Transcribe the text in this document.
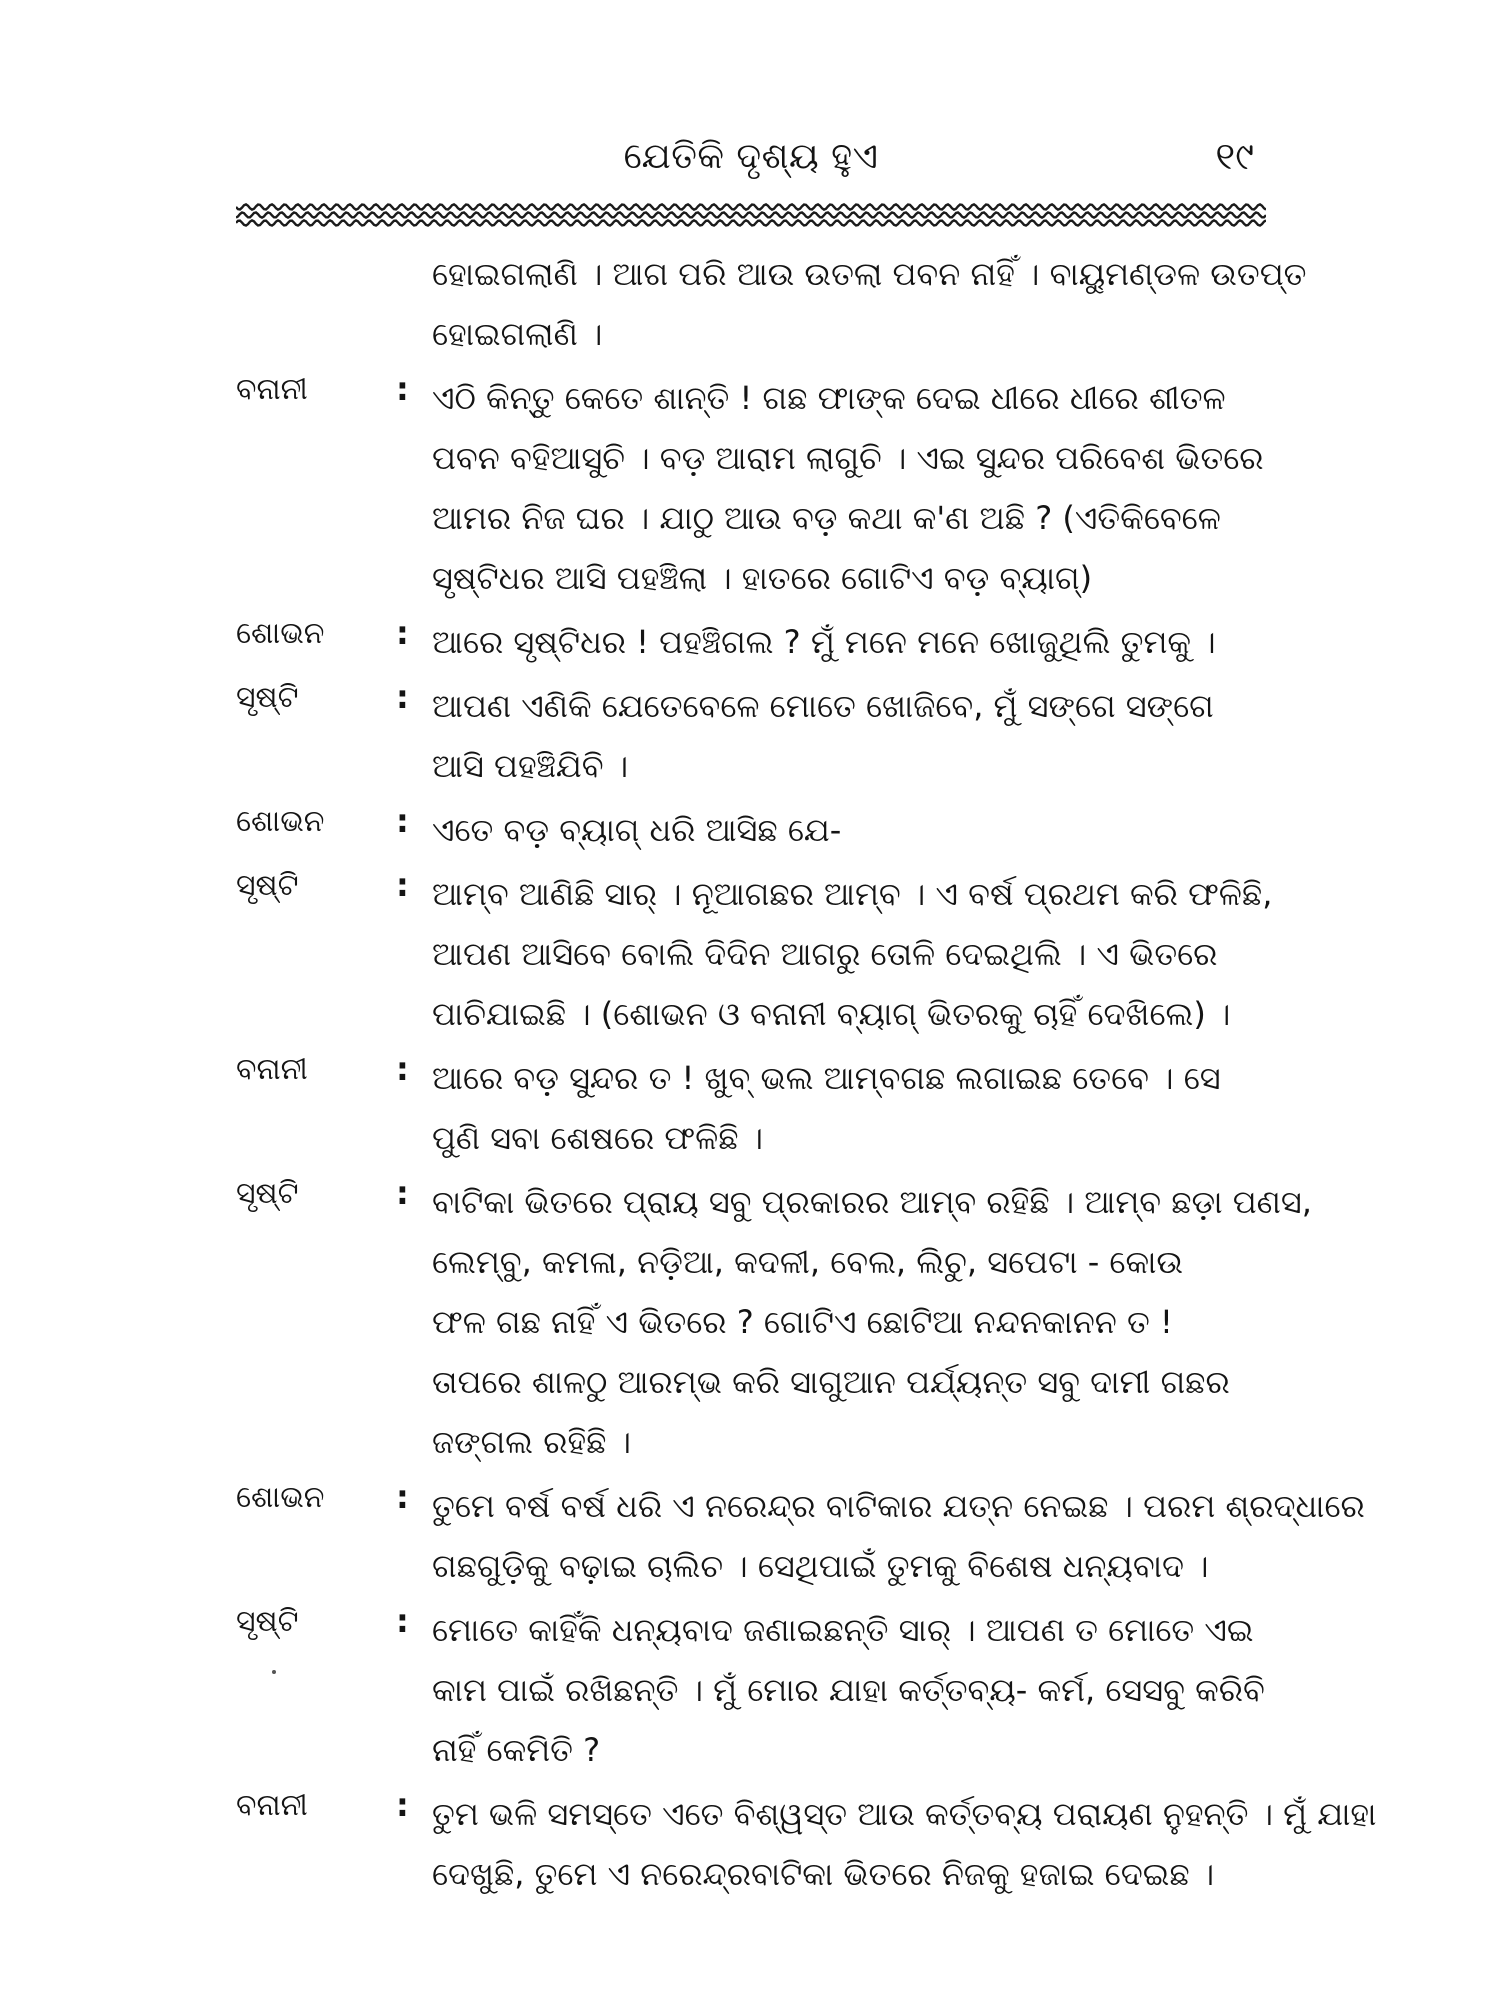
ଯେତିକି ଦୃଶ୍ୟ ହୁଏ	୧୯
ହୋଇଗଲାଣି । ଆଗ ପରି ଆଉ ଉତଲା ପବନ ନାହିଁ । ବାୟୁମଣ୍ଡଳ ଉତପ୍ତ
ହୋଇଗଲାଣି ।
ବନାନୀ	: ଏଠି କିନ୍ତୁ କେତେ ଶାନ୍ତି ! ଗଛ ଫାଙ୍କ ଦେଇ ଧୀରେ ଧୀରେ ଶୀତଳ
ପବନ ବହିଆସୁଚି । ବଡ଼ ଆରାମ ଲାଗୁଚି । ଏଇ ସୁନ୍ଦର ପରିବେଶ ଭିତରେ
ଆମର ନିଜ ଘର । ଯାଠୁ ଆଉ ବଡ଼ କଥା କ'ଣ ଅଛି ? (ଏତିକିବେଳେ
ସୃଷ୍ଟିଧର ଆସି ପହଞ୍ଚିଲା । ହାତରେ ଗୋଟିଏ ବଡ଼ ବ୍ୟାଗ୍)
ଶୋଭନ : ଆରେ ସୃଷ୍ଟିଧର ! ପହଞ୍ଚିଗଲ ? ମୁଁ ମନେ ମନେ ଖୋଜୁଥିଲି ତୁମକୁ ।
ସୃଷ୍ଟି	: ଆପଣ ଏଣିକି ଯେତେବେଳେ ମୋତେ ଖୋଜିବେ, ମୁଁ ସଙ୍ଗେ ସଙ୍ଗେ
ଆସି ପହଞ୍ଚିଯିବି ।
ଶୋଭନ : ଏତେ ବଡ଼ ବ୍ୟାଗ୍ ଧରି ଆସିଛ ଯେ-
ସୃଷ୍ଟି	: ଆମ୍ବ ଆଣିଛି ସାର୍ । ନୂଆଗଛର ଆମ୍ବ । ଏ ବର୍ଷ ପ୍ରଥମ କରି ଫଳିଛି,
ଆପଣ ଆସିବେ ବୋଲି ଦିଦିନ ଆଗରୁ ତୋଳି ଦେଇଥିଲି । ଏ ଭିତରେ
ପାଚିଯାଇଛି । (ଶୋଭନ ଓ ବନାନୀ ବ୍ୟାଗ୍ ଭିତରକୁ ଚାହିଁ ଦେଖିଲେ) ।
ବନାନୀ	: ଆରେ ବଡ଼ ସୁନ୍ଦର ତ ! ଖୁବ୍ ଭଲ ଆମ୍ବଗଛ ଲଗାଇଛ ତେବେ । ସେ
ପୁଣି ସବା ଶେଷରେ ଫଳିଛି ।
ସୃଷ୍ଟି	: ବାଟିକା ଭିତରେ ପ୍ରାୟ ସବୁ ପ୍ରକାରର ଆମ୍ବ ରହିଛି । ଆମ୍ବ ଛଡ଼ା ପଣସ,
ଲେମ୍ବୁ, କମଳା, ନଡ଼ିଆ, କଦଳୀ, ବେଲ, ଲିଚୁ, ସପେଟା - କୋଉ
ଫଳ ଗଛ ନାହିଁ ଏ ଭିତରେ ? ଗୋଟିଏ ଛୋଟିଆ ନନ୍ଦନକାନନ ତ !
ତାପରେ ଶାଳଠୁ ଆରମ୍ଭ କରି ସାଗୁଆନ ପର୍ଯ୍ୟନ୍ତ ସବୁ ଦାମୀ ଗଛର
ଜଙ୍ଗଲ ରହିଛି ।
ଶୋଭନ : ତୁମେ ବର୍ଷ ବର୍ଷ ଧରି ଏ ନରେନ୍ଦ୍ର ବାଟିକାର ଯତ୍ନ ନେଇଛ । ପରମ ଶ୍ରଦ୍ଧାରେ
ଗଛଗୁଡ଼ିକୁ ବଢ଼ାଇ ଚାଲିଚ । ସେଥିପାଇଁ ତୁମକୁ ବିଶେଷ ଧନ୍ୟବାଦ ।
ସୃଷ୍ଟି	: ମୋତେ କାହିଁକି ଧନ୍ୟବାଦ ଜଣାଇଛନ୍ତି ସାର୍ । ଆପଣ ତ ମୋତେ ଏଇ
କାମ ପାଇଁ ରଖିଛନ୍ତି । ମୁଁ ମୋର ଯାହା କର୍ତ୍ତବ୍ୟ- କର୍ମ, ସେସବୁ କରିବି
ନାହିଁ କେମିତି ?
ବନାନୀ	: ତୁମ ଭଳି ସମସ୍ତେ ଏତେ ବିଶ୍ୱସ୍ତ ଆଉ କର୍ତ୍ତବ୍ୟ ପରାୟଣ ନୁହନ୍ତି । ମୁଁ ଯାହା
ଦେଖୁଛି, ତୁମେ ଏ ନରେନ୍ଦ୍ରବାଟିକା ଭିତରେ ନିଜକୁ ହଜାଇ ଦେଇଛ ।
